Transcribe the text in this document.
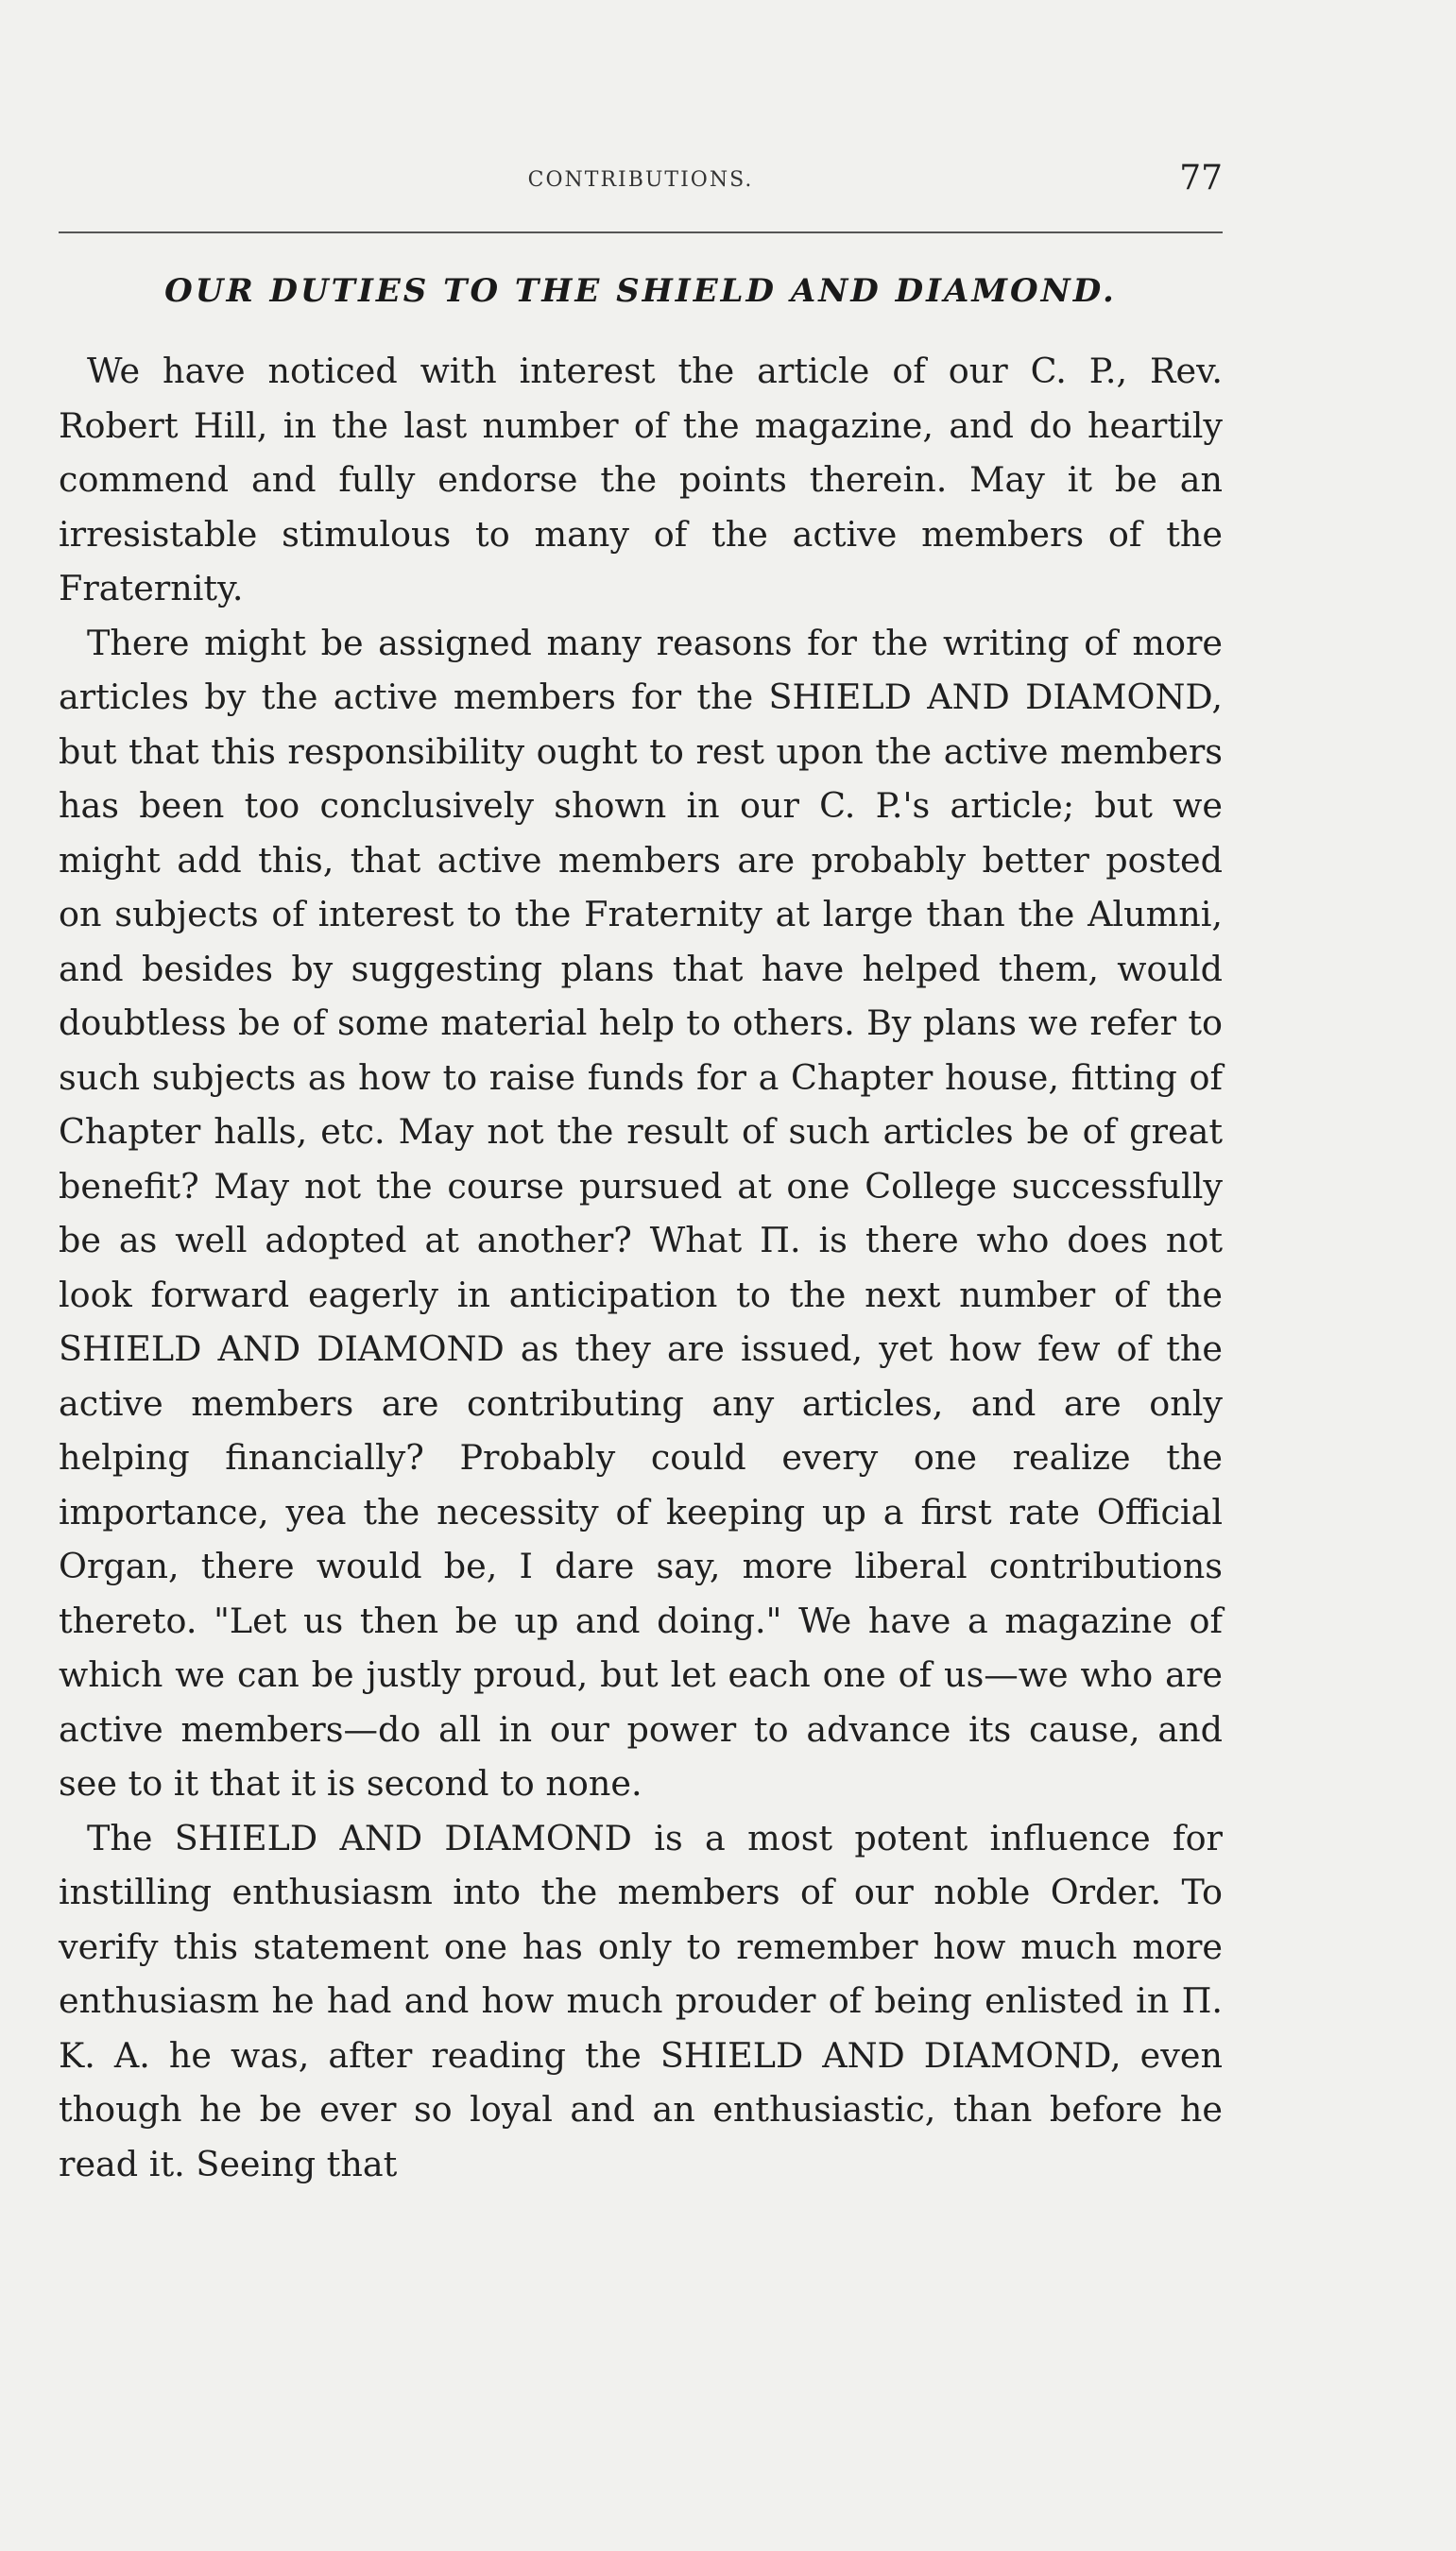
CONTRIBUTIONS.	77
OUR DUTIES TO THE SHIELD AND DIAMOND.

We have noticed with interest the article of our C. P., Rev. Robert Hill, in the last number of the magazine, and do heartily commend and fully endorse the points therein. May it be an irresistable stimulous to many of the active members of the Fraternity.

There might be assigned many reasons for the writing of more articles by the active members for the SHIELD AND DIAMOND, but that this responsibility ought to rest upon the active members has been too conclusively shown in our C. P.'s article; but we might add this, that active members are probably better posted on subjects of interest to the Fraternity at large than the Alumni, and besides by suggesting plans that have helped them, would doubtless be of some material help to others. By plans we refer to such subjects as how to raise funds for a Chapter house, fitting of Chapter halls, etc. May not the result of such articles be of great benefit? May not the course pursued at one College successfully be as well adopted at another? What Π. is there who does not look forward eagerly in anticipation to the next number of the SHIELD AND DIAMOND as they are issued, yet how few of the active members are contributing any articles, and are only helping financially? Probably could every one realize the importance, yea the necessity of keeping up a first rate Official Organ, there would be, I dare say, more liberal contributions thereto. "Let us then be up and doing." We have a magazine of which we can be justly proud, but let each one of us—we who are active members—do all in our power to advance its cause, and see to it that it is second to none.

The SHIELD AND DIAMOND is a most potent influence for instilling enthusiasm into the members of our noble Order. To verify this statement one has only to remember how much more enthusiasm he had and how much prouder of being enlisted in Π. K. A. he was, after reading the SHIELD AND DIAMOND, even though he be ever so loyal and an enthusiastic, than before he read it. Seeing that
